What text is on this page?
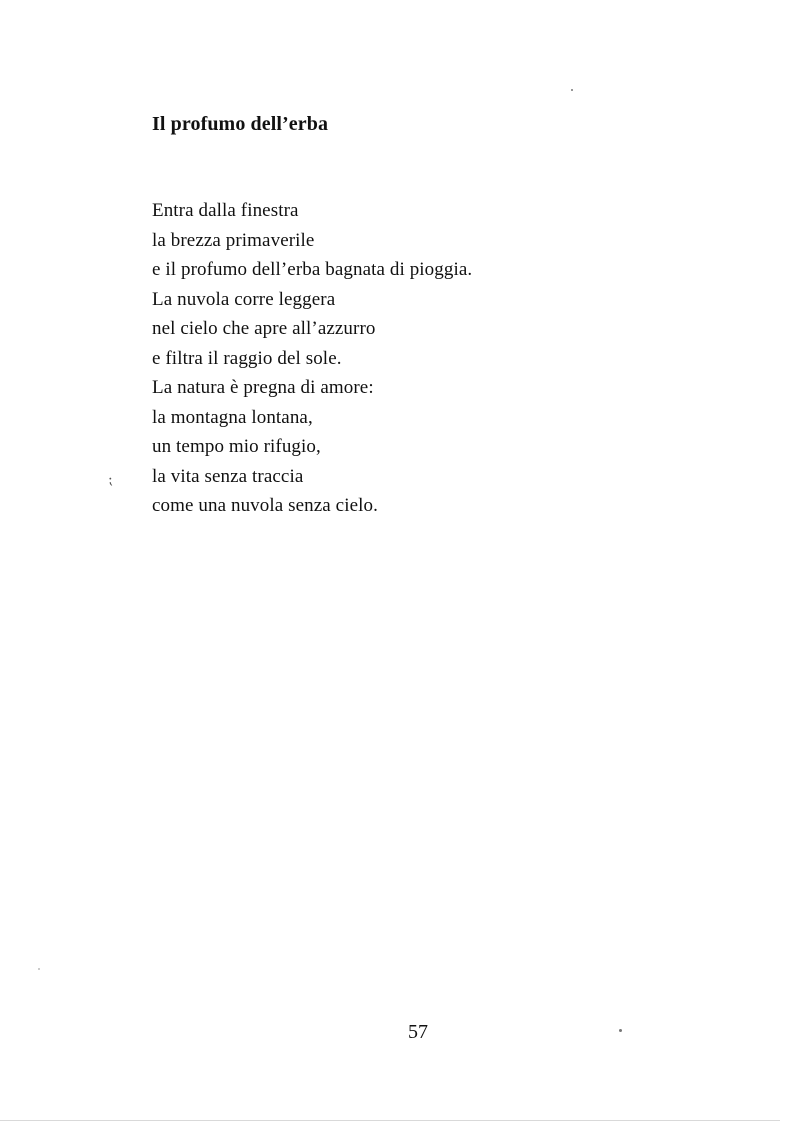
Il profumo dell’erba
Entra dalla finestra
la brezza primaverile
e il profumo dell’erba bagnata di pioggia.
La nuvola corre leggera
nel cielo che apre all’azzurro
e filtra il raggio del sole.
La natura è pregna di amore:
la montagna lontana,
un tempo mio rifugio,
la vita senza traccia
come una nuvola senza cielo.
57
⁏
